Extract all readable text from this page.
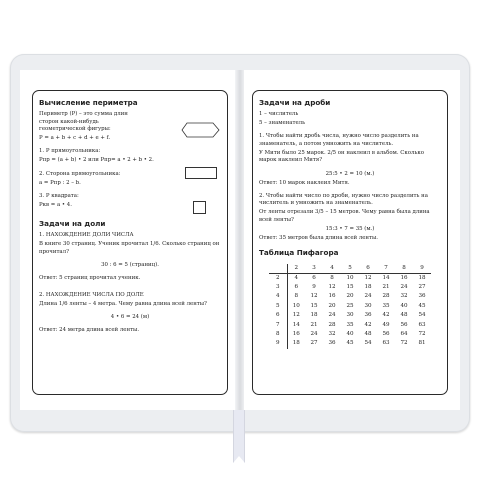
Вычисление периметра
Периметр (Р) – это сумма длин сторон какой-нибудь геометрической фигуры:
P = a + b + c + d + e + f.
1. Р прямоугольника:
Pпр = (a + b) • 2 или Pпр= a • 2 + b • 2.
2. Сторона прямоугольника:
a = Pпр : 2 – b.
3. Р квадрата:
Pкв = a • 4.
Задачи на доли
1. НАХОЖДЕНИЕ ДОЛИ ЧИСЛА
В книге 30 страниц. Ученик прочитал 1/6. Сколько страниц он прочитал?
30 : 6 = 5 (страниц).
Ответ: 5 страниц прочитал ученик.
2. НАХОЖДЕНИЕ ЧИСЛА ПО ДОЛЕ
Длина 1/6 ленты – 4 метра. Чему равна длина всей ленты?
4 • 6 = 24 (м)
Ответ: 24 метра длина всей ленты.
Задачи на дроби
1 – числитель
5 – знаменатель
1. Чтобы найти дробь числа, нужно число разделить на знаменатель, а потом умножить на числитель.
У Мити было 25 марок. 2/5 он наклеил в альбом. Сколько марок наклеил Митя?
25:5 • 2 = 10 (м.)
Ответ: 10 марок наклеил Митя.
2. Чтобы найти число по дроби, нужно число разделить на числитель и умножить на знаменатель.
От ленты отрезали 3/5 – 15 метров. Чему равна была длина всей ленты?
15:3 • 7 = 35 (м.)
Ответ: 35 метров была длина всей ленты.
Таблица Пифагора
	2	3	4	5	6	7	8	9
2	4	6	8	10	12	14	16	18
3	6	9	12	15	18	21	24	27
4	8	12	16	20	24	28	32	36
5	10	15	20	25	30	35	40	45
6	12	18	24	30	36	42	48	54
7	14	21	28	35	42	49	56	63
8	16	24	32	40	48	56	64	72
9	18	27	36	45	54	63	72	81
